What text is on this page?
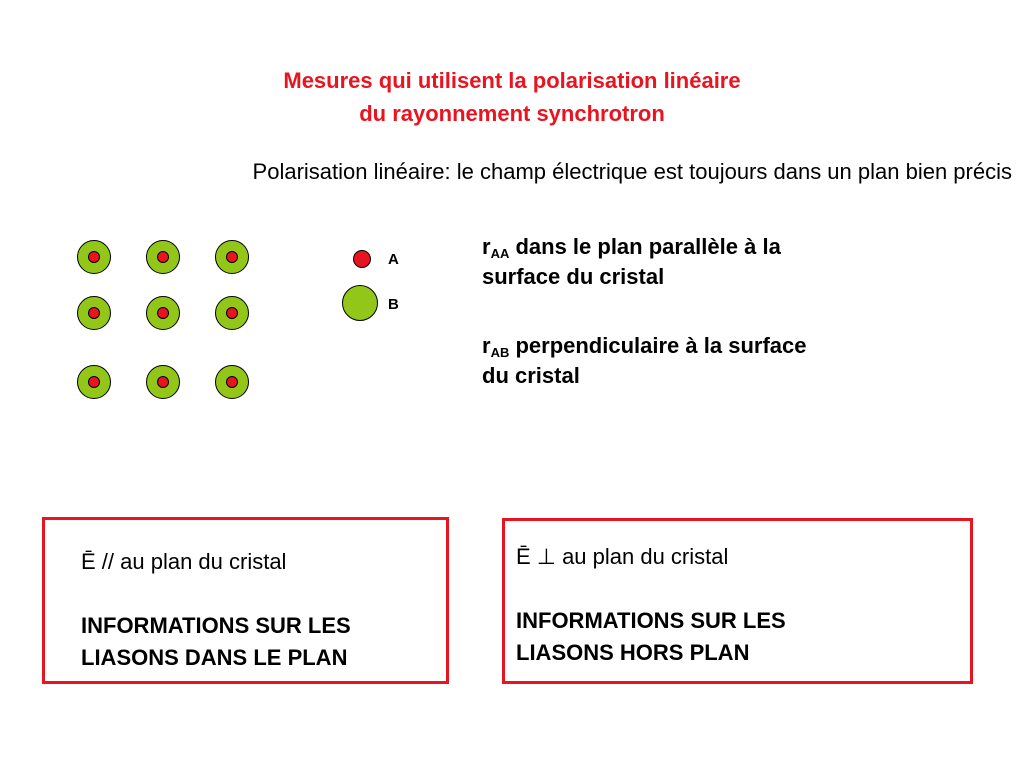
Mesures qui utilisent la polarisation linéaire
du rayonnement synchrotron
Polarisation linéaire: le champ électrique est toujours dans un plan bien précis
A
B
$r_{AA}$ dans le plan parallèle à la
surface du cristal
$r_{AB}$ perpendiculaire à la surface
du cristal
Ē // au plan du cristal
INFORMATIONS SUR LES
LIASONS DANS LE PLAN
Ē ⊥ au plan du cristal
INFORMATIONS SUR LES
LIASONS HORS PLAN
